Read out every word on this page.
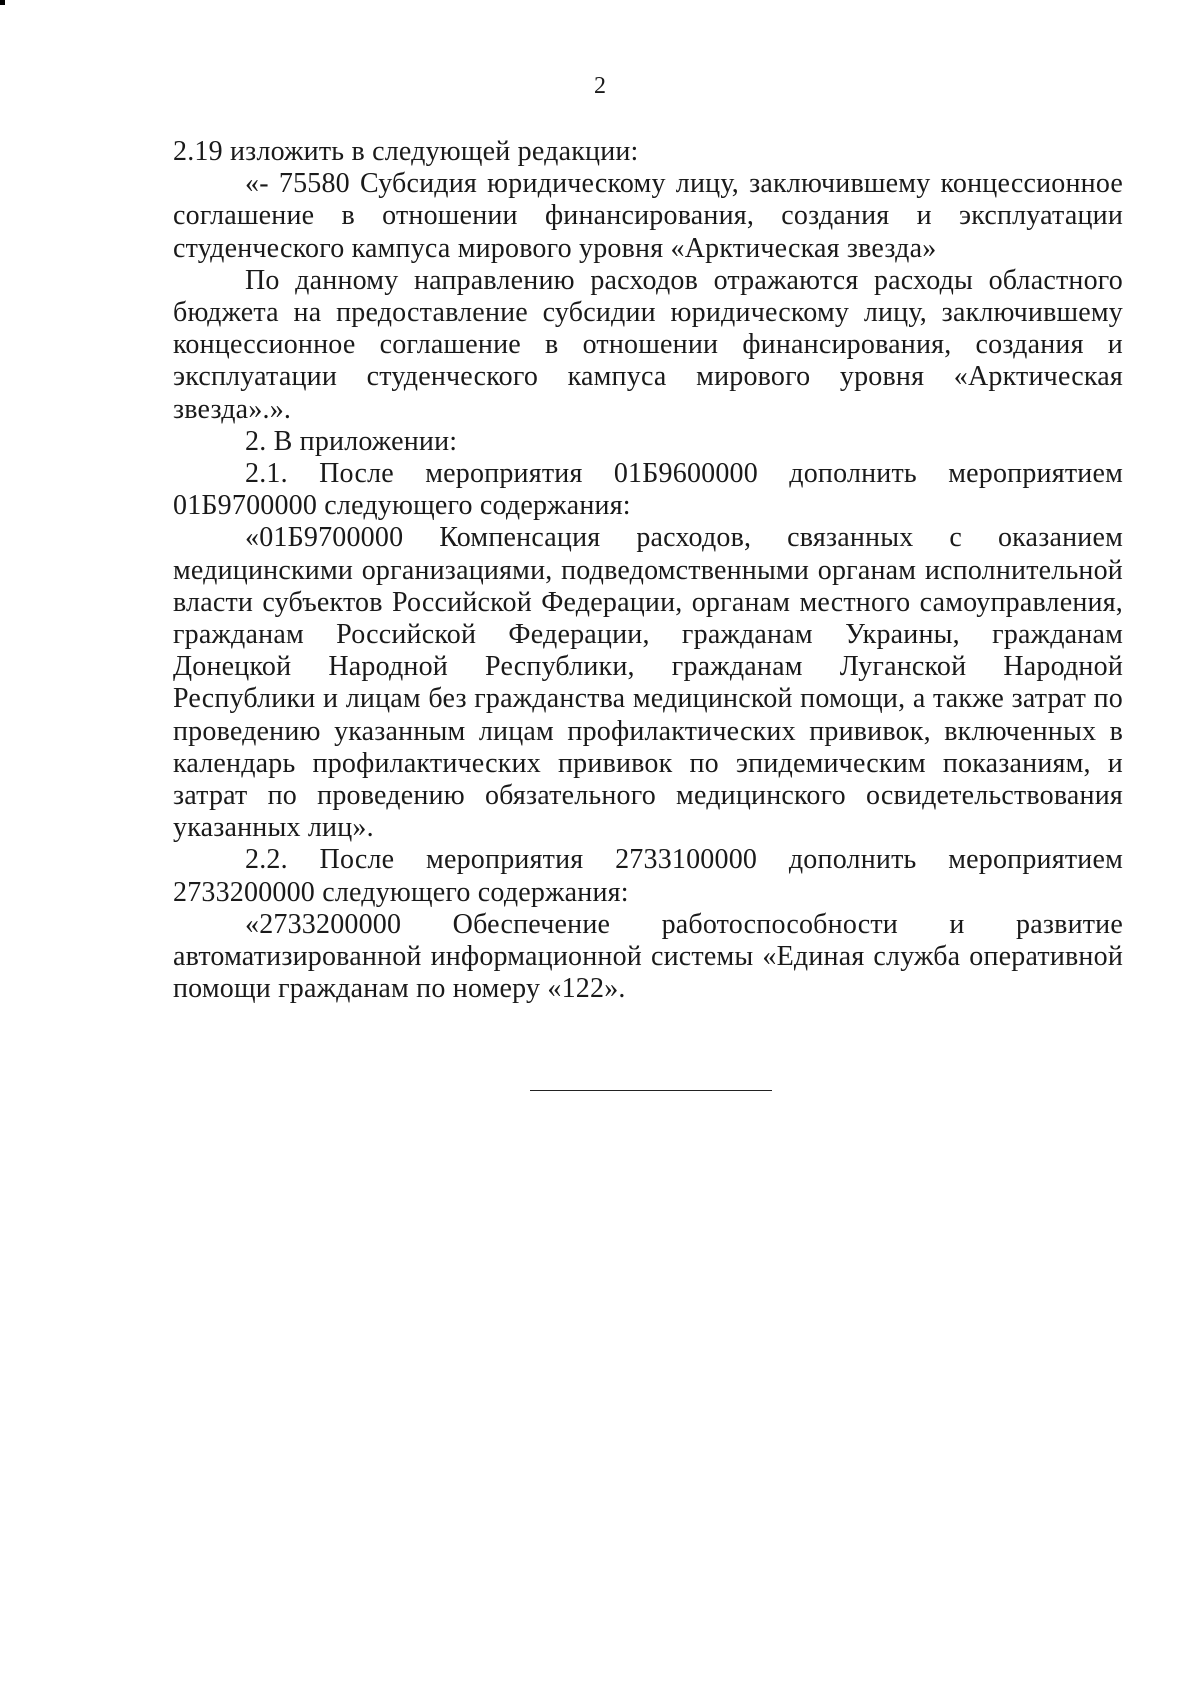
2

2.19 изложить в следующей редакции:

«- 75580 Субсидия юридическому лицу, заключившему концессионное соглашение в отношении финансирования, создания и эксплуатации студенческого кампуса мирового уровня «Арктическая звезда»

По данному направлению расходов отражаются расходы областного бюджета на предоставление субсидии юридическому лицу, заключившему концессионное соглашение в отношении финансирования, создания и эксплуатации студенческого кампуса мирового уровня «Арктическая звезда».».

2. В приложении:

2.1. После мероприятия 01Б9600000 дополнить мероприятием 01Б9700000 следующего содержания:

«01Б9700000 Компенсация расходов, связанных с оказанием медицинскими организациями, подведомственными органам исполнительной власти субъектов Российской Федерации, органам местного самоуправления, гражданам Российской Федерации, гражданам Украины, гражданам Донецкой Народной Республики, гражданам Луганской Народной Республики и лицам без гражданства медицинской помощи, а также затрат по проведению указанным лицам профилактических прививок, включенных в календарь профилактических прививок по эпидемическим показаниям, и затрат по проведению обязательного медицинского освидетельствования указанных лиц».

2.2. После мероприятия 2733100000 дополнить мероприятием 2733200000 следующего содержания:

«2733200000 Обеспечение работоспособности и развитие автоматизированной информационной системы «Единая служба оперативной помощи гражданам по номеру «122».
